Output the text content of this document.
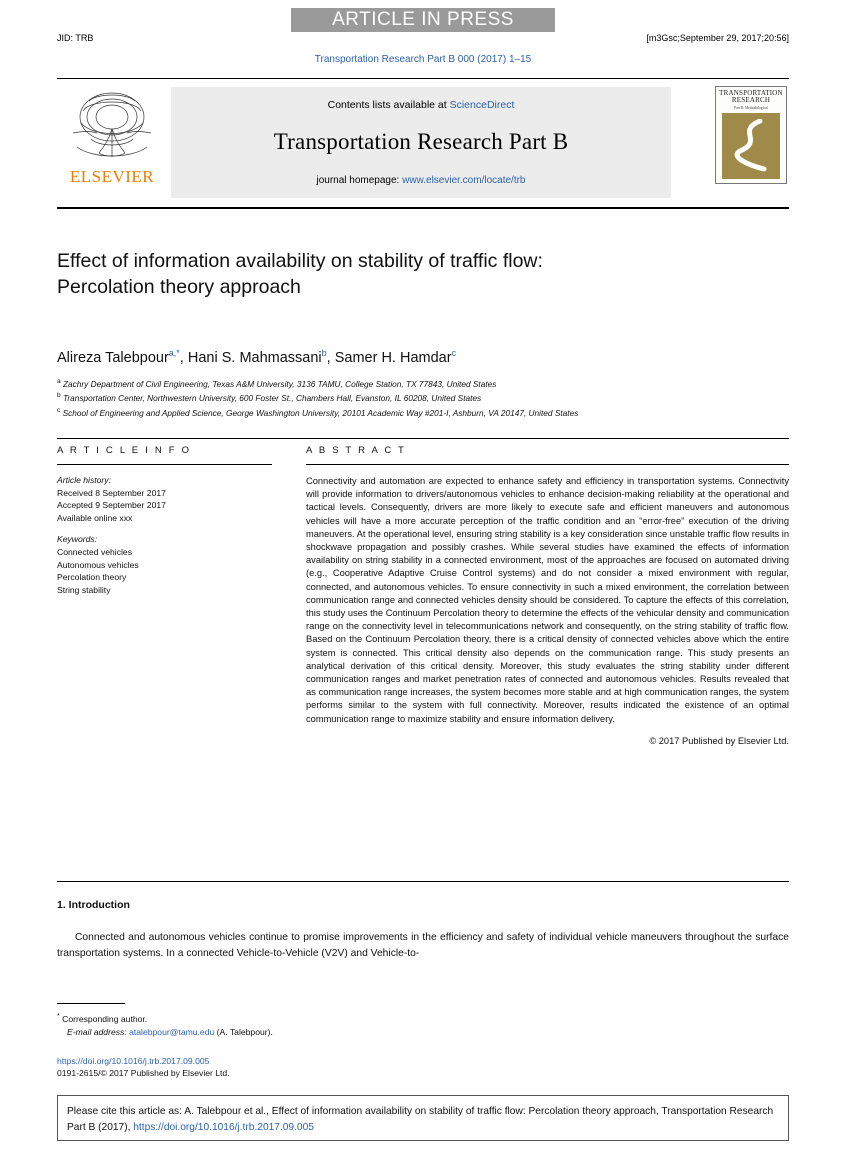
ARTICLE IN PRESS
JID: TRB	[m3Gsc;September 29, 2017;20:56]
Transportation Research Part B 000 (2017) 1–15
ELSEVIER
Contents lists available at ScienceDirect
Transportation Research Part B
journal homepage: www.elsevier.com/locate/trb
TRANSPORTATION
RESEARCH
Part B: Methodological
Effect of information availability on stability of traffic flow:
Percolation theory approach
Alireza Talebpour$^{a,*}$, Hani S. Mahmassani$^b$, Samer H. Hamdar$^c$
$^a$ Zachry Department of Civil Engineering, Texas A&M University, 3136 TAMU, College Station, TX 77843, United States
$^b$ Transportation Center, Northwestern University, 600 Foster St., Chambers Hall, Evanston, IL 60208, United States
$^c$ School of Engineering and Applied Science, George Washington University, 20101 Academic Way #201-I, Ashburn, VA 20147, United States
A R T I C L E I N F O
Article history:
Received 8 September 2017
Accepted 9 September 2017
Available online xxx
Keywords:
Connected vehicles
Autonomous vehicles
Percolation theory
String stability
A B S T R A C T
Connectivity and automation are expected to enhance safety and efficiency in transportation systems. Connectivity will provide information to drivers/autonomous vehicles to enhance decision-making reliability at the operational and tactical levels. Consequently, drivers are more likely to execute safe and efficient maneuvers and autonomous vehicles will have a more accurate perception of the traffic condition and an “error-free” execution of the driving maneuvers. At the operational level, ensuring string stability is a key consideration since unstable traffic flow results in shockwave propagation and possibly crashes. While several studies have examined the effects of information availability on string stability in a connected environment, most of the approaches are focused on automated driving (e.g., Cooperative Adaptive Cruise Control systems) and do not consider a mixed environment with regular, connected, and autonomous vehicles. To ensure connectivity in such a mixed environment, the correlation between communication range and connected vehicles density should be considered. To capture the effects of this correlation, this study uses the Continuum Percolation theory to determine the effects of the vehicular density and communication range on the connectivity level in telecommunications network and consequently, on the string stability of traffic flow. Based on the Continuum Percolation theory, there is a critical density of connected vehicles above which the entire system is connected. This critical density also depends on the communication range. This study presents an analytical derivation of this critical density. Moreover, this study evaluates the string stability under different communication ranges and market penetration rates of connected and autonomous vehicles. Results revealed that as communication range increases, the system becomes more stable and at high communication ranges, the system performs similar to the system with full connectivity. Moreover, results indicated the existence of an optimal communication range to maximize stability and ensure information delivery.
© 2017 Published by Elsevier Ltd.
1. Introduction
Connected and autonomous vehicles continue to promise improvements in the efficiency and safety of individual vehicle maneuvers throughout the surface transportation systems. In a connected Vehicle-to-Vehicle (V2V) and Vehicle-to-
* Corresponding author.
E-mail address: atalebpour@tamu.edu (A. Talebpour).
https://doi.org/10.1016/j.trb.2017.09.005
0191-2615/© 2017 Published by Elsevier Ltd.
Please cite this article as: A. Talebpour et al., Effect of information availability on stability of traffic flow: Percolation theory approach, Transportation Research Part B (2017), https://doi.org/10.1016/j.trb.2017.09.005
